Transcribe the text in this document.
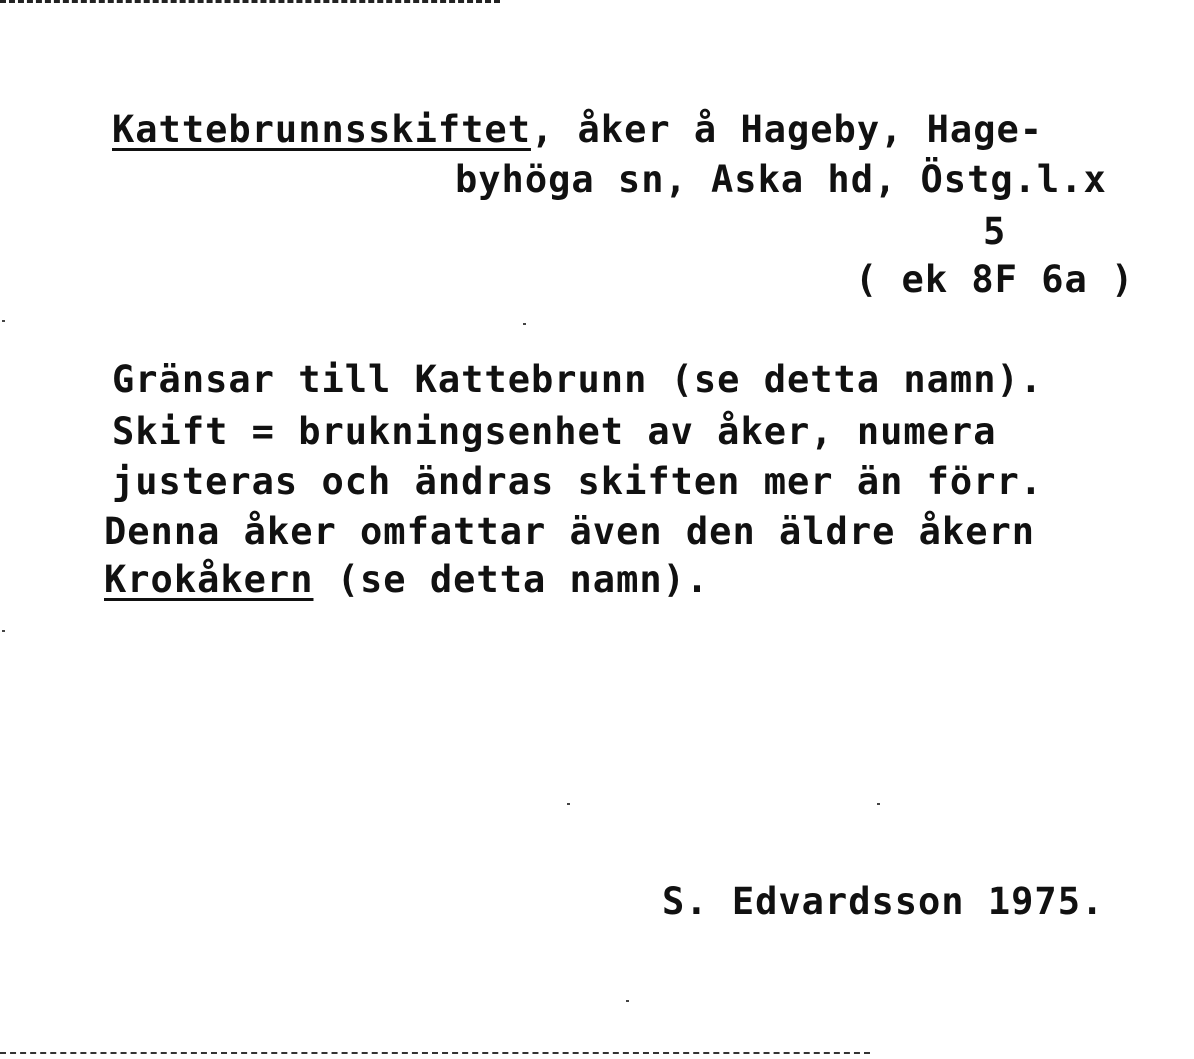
Kattebrunnsskiftet, åker å Hageby, Hage-
byhöga sn, Aska hd, Östg.l.x
5
( ek 8F 6a )
Gränsar till Kattebrunn (se detta namn).
Skift = brukningsenhet av åker, numera
justeras och ändras skiften mer än förr.
Denna åker omfattar även den äldre åkern
Krokåkern (se detta namn).
S. Edvardsson 1975.
